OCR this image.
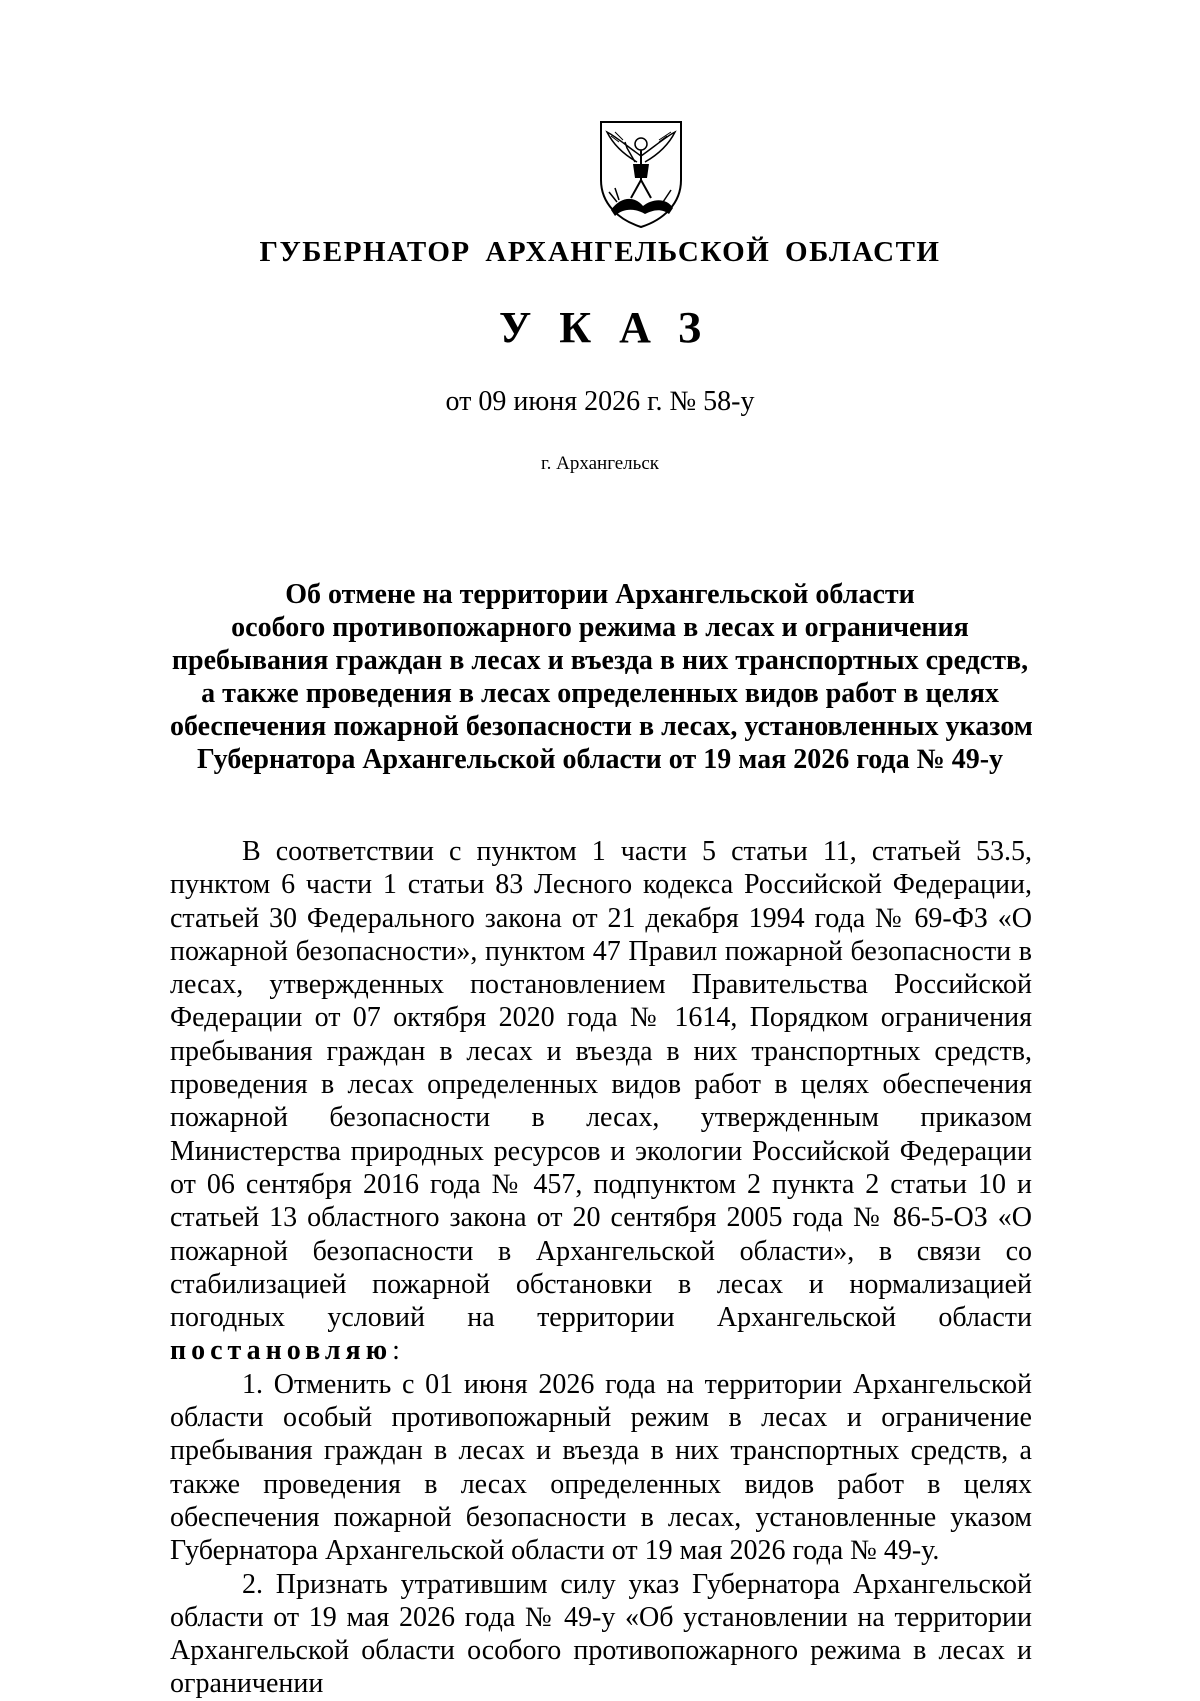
ГУБЕРНАТОР АРХАНГЕЛЬСКОЙ ОБЛАСТИ
УКАЗ
от 09 июня 2026 г. № 58-у
г. Архангельск
Об отмене на территории Архангельской области
особого противопожарного режима в лесах и ограничения
пребывания граждан в лесах и въезда в них транспортных средств,
а также проведения в лесах определенных видов работ в целях
обеспечения пожарной безопасности в лесах, установленных указом
Губернатора Архангельской области от 19 мая 2026 года № 49-у

В соответствии с пунктом 1 части 5 статьи 11, статьей 53.5, пунктом 6 части 1 статьи 83 Лесного кодекса Российской Федерации, статьей 30 Федерального закона от 21 декабря 1994 года № 69-ФЗ «О пожарной безопасности», пунктом 47 Правил пожарной безопасности в лесах, утвержденных постановлением Правительства Российской Федерации от 07 октября 2020 года № 1614, Порядком ограничения пребывания граждан в лесах и въезда в них транспортных средств, проведения в лесах определенных видов работ в целях обеспечения пожарной безопасности в лесах, утвержденным приказом Министерства природных ресурсов и экологии Российской Федерации от 06 сентября 2016 года № 457, подпунктом 2 пункта 2 статьи 10 и статьей 13 областного закона от 20 сентября 2005 года № 86-5-ОЗ «О пожарной безопасности в Архангельской области», в связи со стабилизацией пожарной обстановки в лесах и нормализацией погодных условий на территории Архангельской области постановляю:

1. Отменить с 01 июня 2026 года на территории Архангельской области особый противопожарный режим в лесах и ограничение пребывания граждан в лесах и въезда в них транспортных средств, а также проведения в лесах определенных видов работ в целях обеспечения пожарной безопасности в лесах, установленные указом Губернатора Архангельской области от 19 мая 2026 года № 49-у.

2. Признать утратившим силу указ Губернатора Архангельской области от 19 мая 2026 года № 49-у «Об установлении на территории Архангельской области особого противопожарного режима в лесах и ограничении
